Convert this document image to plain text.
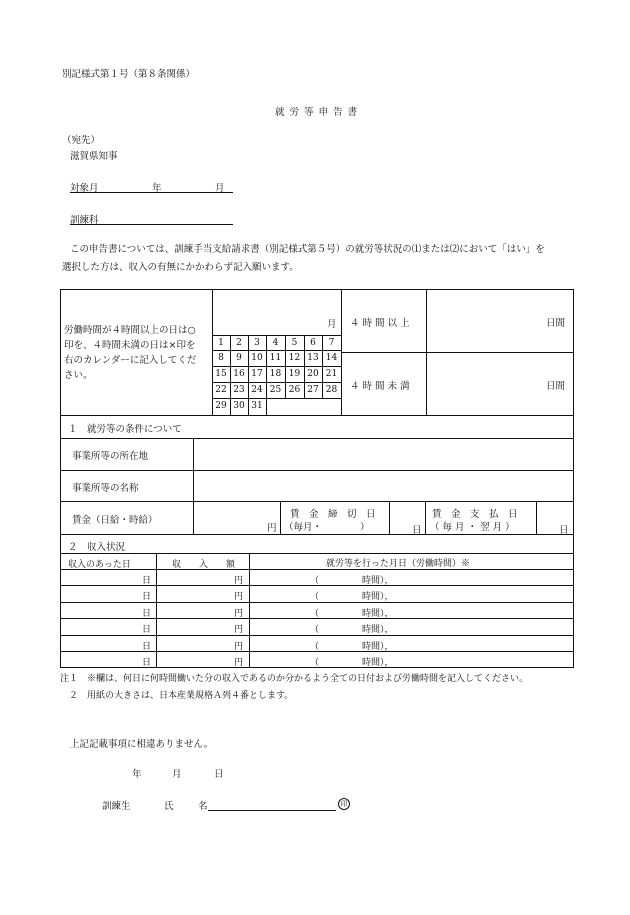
別記様式第１号（第８条関係）
就 労 等 申 告 書
（宛先）
滋賀県知事
対象月	年	月
訓練科
この申告書については、訓練手当支給請求書（別記様式第５号）の就労等状況の⑴または⑵において「はい」を
選択した方は、収入の有無にかかわらず記入願います。
労働時間が４時間以上の日は○
印を、４時間未満の日は×印を
右のカレンダーに記入してくだ
さい。
月
1	2	3	4	5	6	7
8	9	10 11 12 13 14
15 16 17 18 19 20 21
22 23 24 25 26 27 28
29 30 31
４ 時 間 以 上	日間
４ 時 間 未 満	日間
１　就労等の条件について
事業所等の所在地
事業所等の名称
賃金（日給・時給）
円
賃　金　締　切　日
（毎月・　　　　）	日
賃　金　支　払　日
（ 毎 月 ・ 翌 月 ）	日
２　収入状況
収入のあった日	収　　入　　額	就労等を行った月日（労働時間）※
日	円	（	時間），
日	円	（	時間），
日	円	（	時間），
日	円	（	時間），
日	円	（	時間），
日	円	（	時間），
注１　※欄は、何日に何時間働いた分の収入であるのか分かるよう全ての日付および労働時間を記入してください。
　２　用紙の大きさは、日本産業規格Ａ列４番とします。
上記記載事項に相違ありません。
年	月	日
訓練生	氏	名	印
